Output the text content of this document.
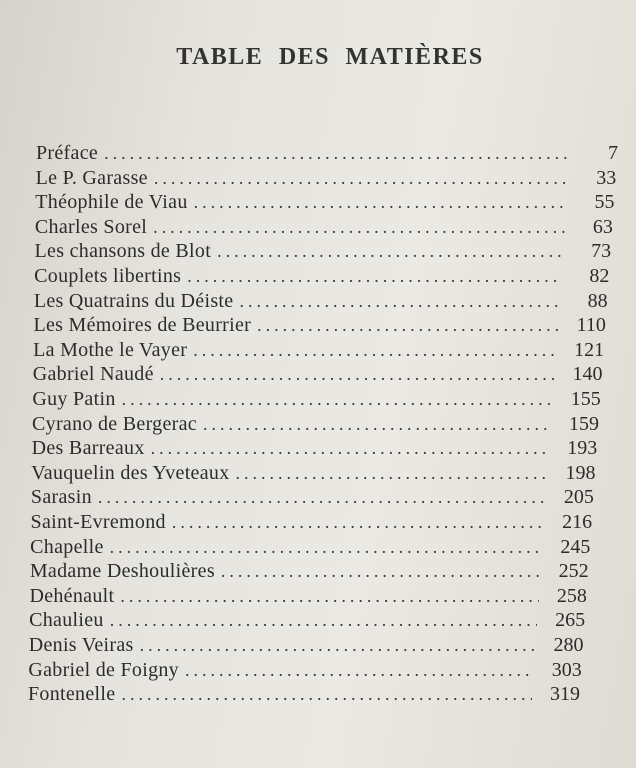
TABLE DES MATIÈRES
Préface .....	7
Le P. Garasse .....	33
Théophile de Viau .....	55
Charles Sorel .....	63
Les chansons de Blot .....	73
Couplets libertins .....	82
Les Quatrains du Déiste .....	88
Les Mémoires de Beurrier .....	110
La Mothe le Vayer .....	121
Gabriel Naudé .....	140
Guy Patin .....	155
Cyrano de Bergerac .....	159
Des Barreaux .....	193
Vauquelin des Yveteaux .....	198
Sarasin .....	205
Saint-Evremond .....	216
Chapelle .....	245
Madame Deshoulières .....	252
Dehénault .....	258
Chaulieu .....	265
Denis Veiras .....	280
Gabriel de Foigny .....	303
Fontenelle .....	319
